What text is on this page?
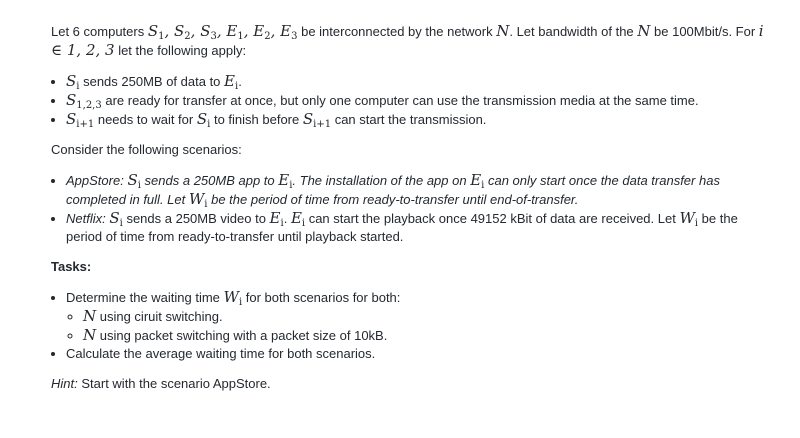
Let 6 computers $S_1$, $S_2$, $S_3$, $E_1$, $E_2$, $E_3$ be interconnected by the network N. Let bandwidth of the N be 100Mbit/s. For i ∈ 1, 2, 3 let the following apply:

• $S_i$ sends 250MB of data to $E_i$.
• $S_{1,2,3}$ are ready for transfer at once, but only one computer can use the transmission media at the same time.
• $S_{i+1}$ needs to wait for $S_i$ to finish before $S_{i+1}$ can start the transmission.

Consider the following scenarios:

• AppStore: $S_i$ sends a 250MB app to $E_i$. The installation of the app on $E_i$ can only start once the data transfer has completed in full. Let $W_i$ be the period of time from ready-to-transfer until end-of-transfer.
• Netflix: $S_i$ sends a 250MB video to $E_i$. $E_i$ can start the playback once 49152 kBit of data are received. Let $W_i$ be the period of time from ready-to-transfer until playback started.

Tasks:

• Determine the waiting time $W_i$ for both scenarios for both:
◦ N using ciruit switching.
◦ N using packet switching with a packet size of 10kB.
• Calculate the average waiting time for both scenarios.

Hint: Start with the scenario AppStore.
